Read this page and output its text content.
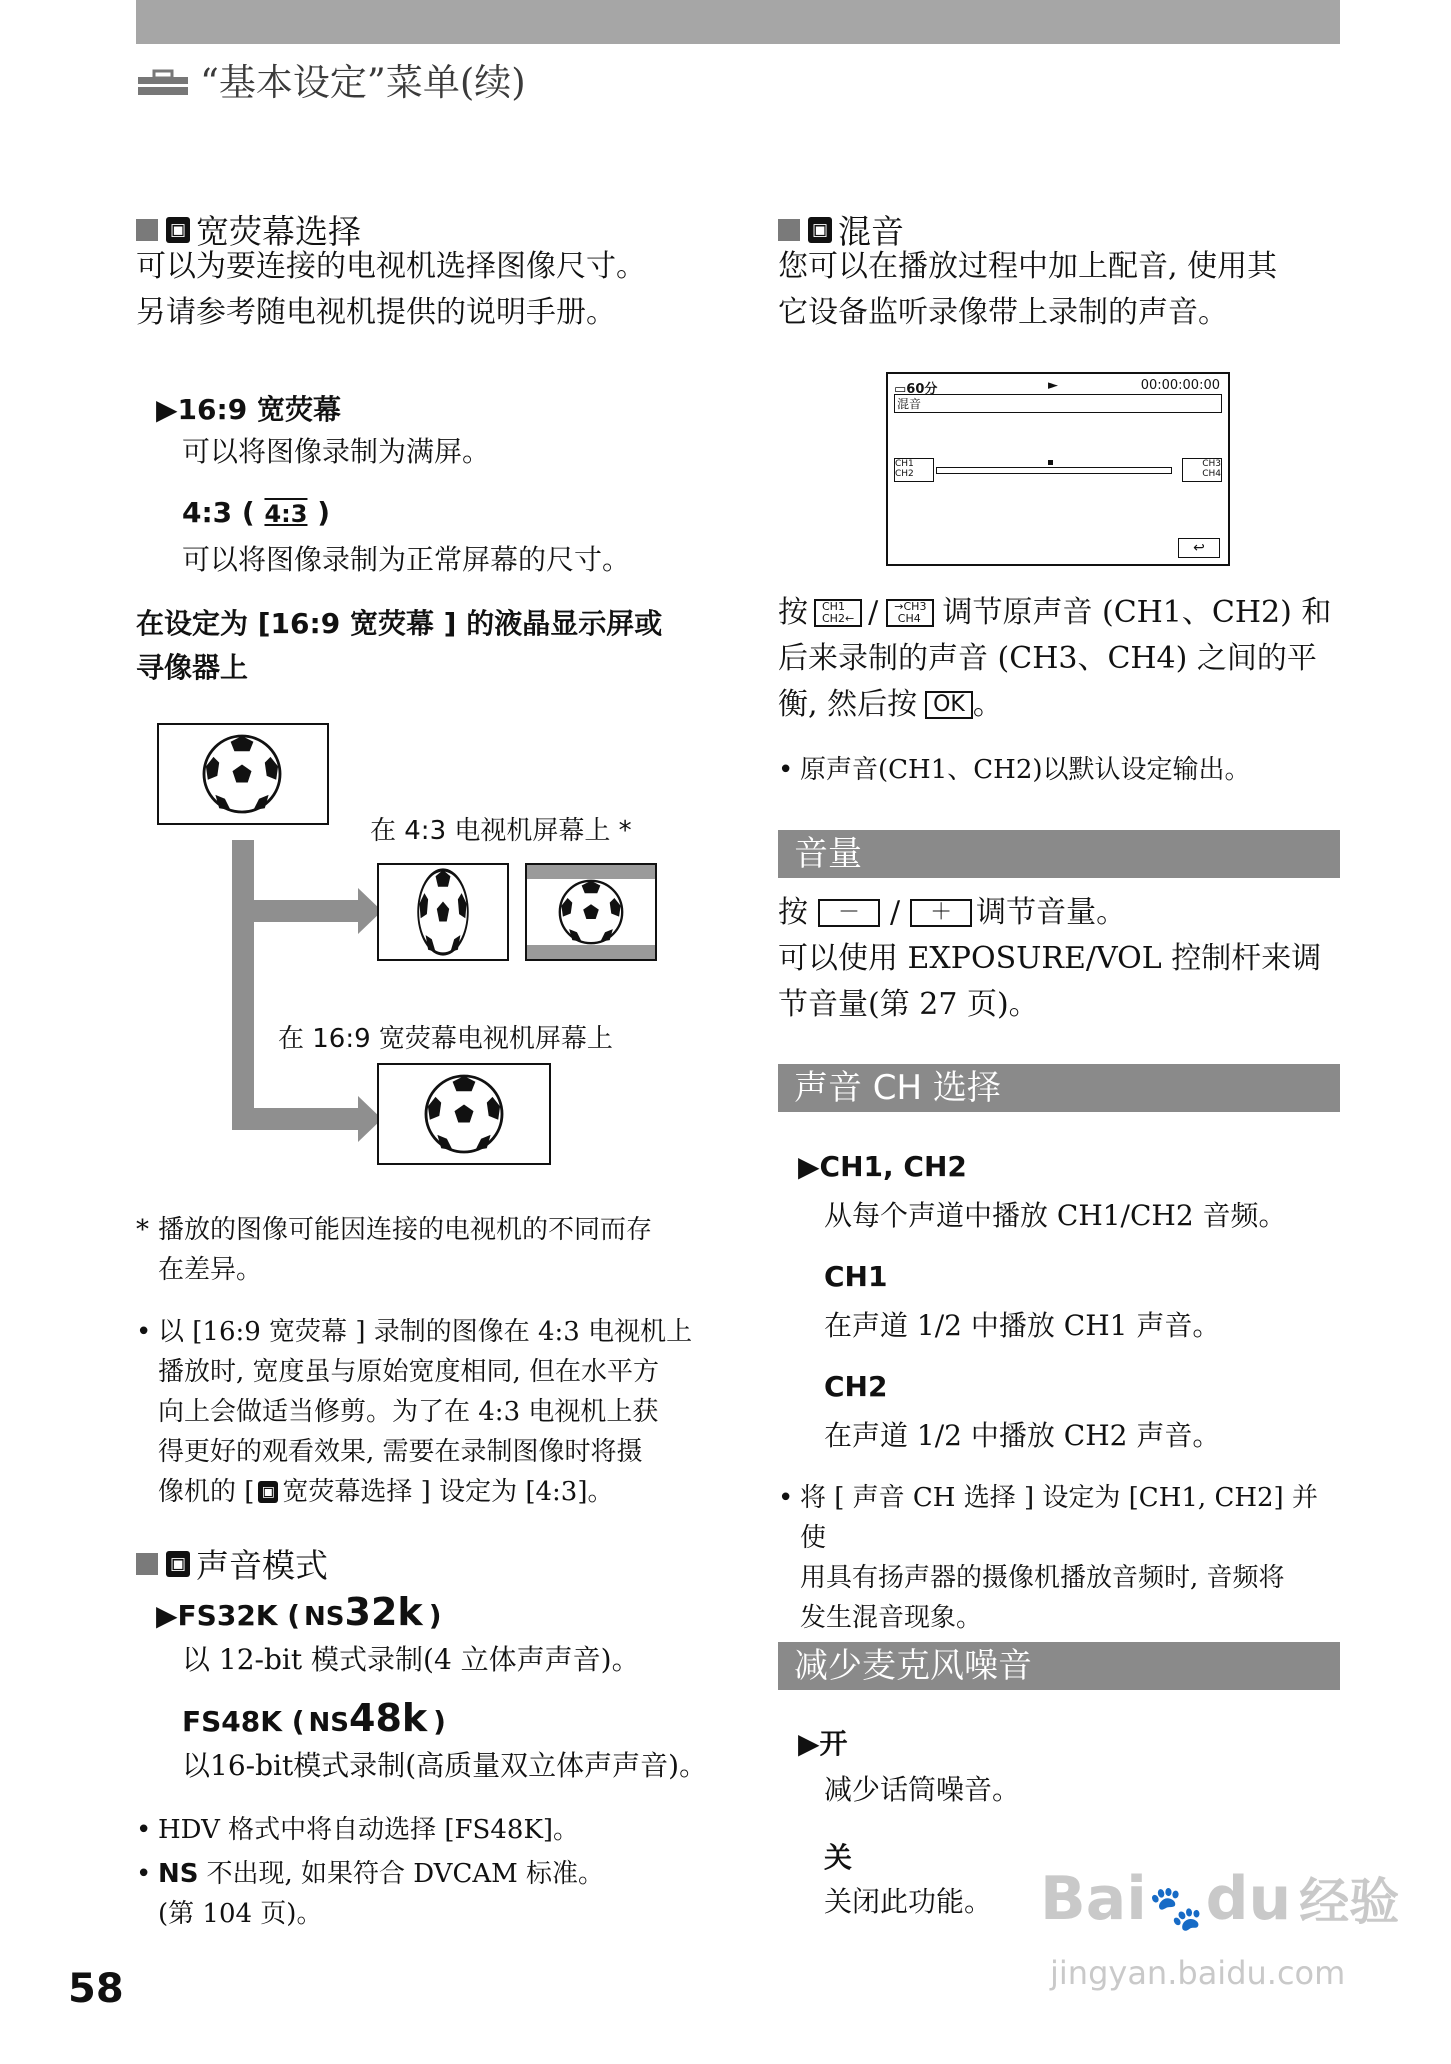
“基本设定”菜单(续)
▣ 宽荧幕选择
可以为要连接的电视机选择图像尺寸。
另请参考随电视机提供的说明手册。
▶16:9 宽荧幕
可以将图像录制为满屏。
4:3 ( 4:3 )
可以将图像录制为正常屏幕的尺寸。
在设定为 [16:9 宽荧幕 ] 的液晶显示屏或
寻像器上
在 4:3 电视机屏幕上 *
在 16:9 宽荧幕电视机屏幕上
* 播放的图像可能因连接的电视机的不同而存
在差异。
• 以 [16:9 宽荧幕 ] 录制的图像在 4:3 电视机上
播放时, 宽度虽与原始宽度相同, 但在水平方
向上会做适当修剪。为了在 4:3 电视机上获
得更好的观看效果, 需要在录制图像时将摄
像机的 [ ▣ 宽荧幕选择 ] 设定为 [4:3]。
▣ 声音模式
▶ FS32K ( NS 32k )
以 12-bit 模式录制(4 立体声声音)。
FS48K ( NS 48k )
以16-bit模式录制(高质量双立体声声音)。
• HDV 格式中将自动选择 [FS48K]。
• NS 不出现, 如果符合 DVCAM 标准。
(第 104 页)。
▣ 混音
您可以在播放过程中加上配音, 使用其
它设备监听录像带上录制的声音。
▭60分	►	00:00:00:00
混音
CH1
CH2
CH3
CH4
↩
按	CH1
CH2← /	→CH3
CH4 调节原声音 (CH1、CH2) 和
后来录制的声音 (CH3、CH4) 之间的平
衡, 然后按 OK 。
• 原声音(CH1、CH2)以默认设定输出。
音量
按	－	/	＋ 调节音量。
可以使用 EXPOSURE/VOL 控制杆来调
节音量(第 27 页)。
声音 CH 选择
▶CH1, CH2
从每个声道中播放 CH1/CH2 音频。
CH1
在声道 1/2 中播放 CH1 声音。
CH2
在声道 1/2 中播放 CH2 声音。
• 将 [ 声音 CH 选择 ] 设定为 [CH1, CH2] 并使
用具有扬声器的摄像机播放音频时, 音频将
发生混音现象。
减少麦克风噪音
▶开
减少话筒噪音。
关
关闭此功能。
58
Bai 🐾 du 经验
jingyan.baidu.com
